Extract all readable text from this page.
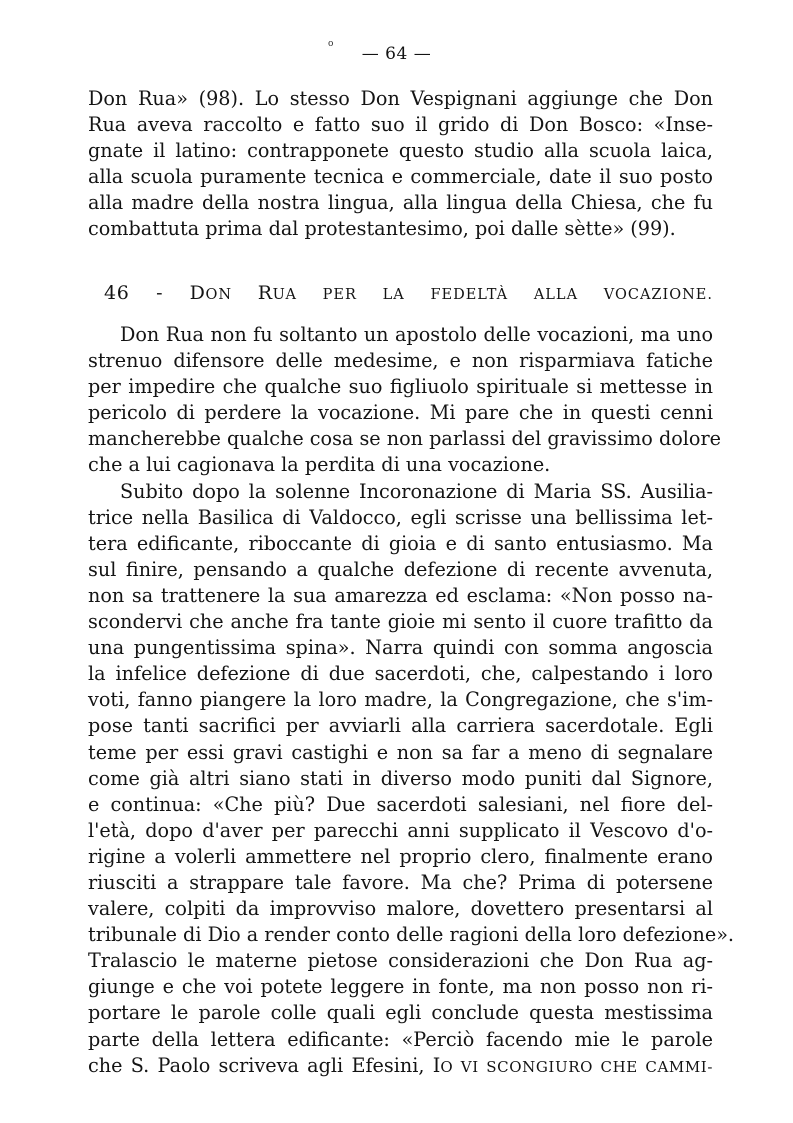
o	— 64 —
Don Rua» (98). Lo stesso Don Vespignani aggiunge che Don
Rua aveva raccolto e fatto suo il grido di Don Bosco: «Inse-
gnate il latino: contrapponete questo studio alla scuola laica,
alla scuola puramente tecnica e commerciale, date il suo posto
alla madre della nostra lingua, alla lingua della Chiesa, che fu
combattuta prima dal protestantesimo, poi dalle sètte» (99).
46 - DON RUA PER LA FEDELTÀ ALLA VOCAZIONE.
Don Rua non fu soltanto un apostolo delle vocazioni, ma uno
strenuo difensore delle medesime, e non risparmiava fatiche
per impedire che qualche suo figliuolo spirituale si mettesse in
pericolo di perdere la vocazione. Mi pare che in questi cenni
mancherebbe qualche cosa se non parlassi del gravissimo dolore
che a lui cagionava la perdita di una vocazione.
Subito dopo la solenne Incoronazione di Maria SS. Ausilia-
trice nella Basilica di Valdocco, egli scrisse una bellissima let-
tera edificante, riboccante di gioia e di santo entusiasmo. Ma
sul finire, pensando a qualche defezione di recente avvenuta,
non sa trattenere la sua amarezza ed esclama: «Non posso na-
scondervi che anche fra tante gioie mi sento il cuore trafitto da
una pungentissima spina». Narra quindi con somma angoscia
la infelice defezione di due sacerdoti, che, calpestando i loro
voti, fanno piangere la loro madre, la Congregazione, che s'im-
pose tanti sacrifici per avviarli alla carriera sacerdotale. Egli
teme per essi gravi castighi e non sa far a meno di segnalare
come già altri siano stati in diverso modo puniti dal Signore,
e continua: «Che più? Due sacerdoti salesiani, nel fiore del-
l'età, dopo d'aver per parecchi anni supplicato il Vescovo d'o-
rigine a volerli ammettere nel proprio clero, finalmente erano
riusciti a strappare tale favore. Ma che? Prima di potersene
valere, colpiti da improvviso malore, dovettero presentarsi al
tribunale di Dio a render conto delle ragioni della loro defezione».
Tralascio le materne pietose considerazioni che Don Rua ag-
giunge e che voi potete leggere in fonte, ma non posso non ri-
portare le parole colle quali egli conclude questa mestissima
parte della lettera edificante: «Perciò facendo mie le parole
che S. Paolo scriveva agli Efesini, IO VI SCONGIURO CHE CAMMI-
